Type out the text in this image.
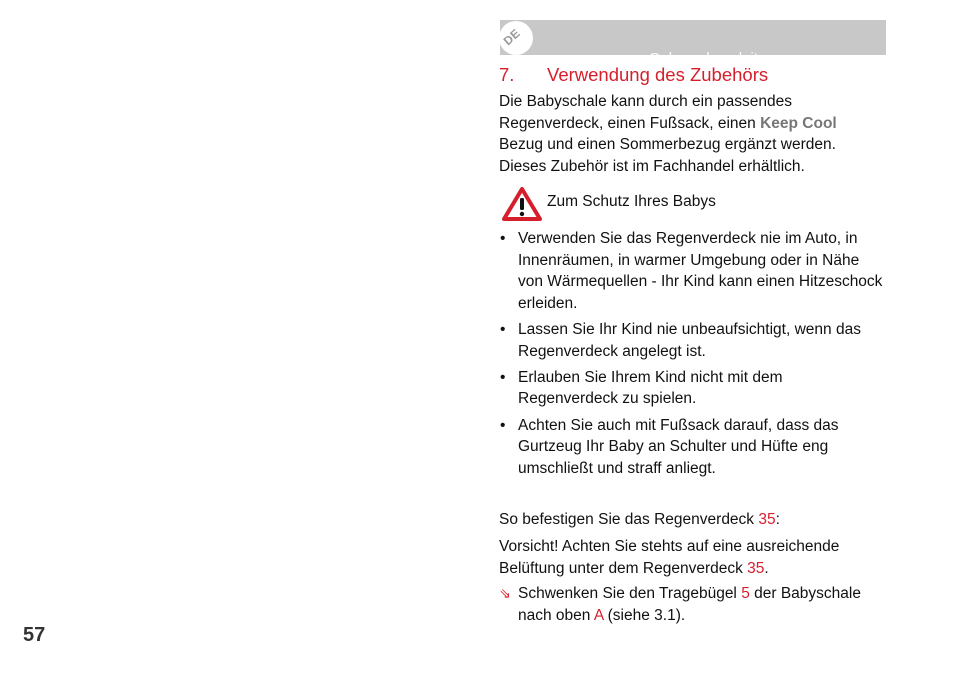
Gebrauchsanleitung
DE
7. Verwendung des Zubehörs
Die Babyschale kann durch ein passendes Regenverdeck, einen Fußsack, einen Keep Cool Bezug und einen Sommerbezug ergänzt werden. Dieses Zubehör ist im Fachhandel erhältlich.
Zum Schutz Ihres Babys
• Verwenden Sie das Regenverdeck nie im Auto, in Innenräumen, in warmer Umgebung oder in Nähe von Wärmequellen - Ihr Kind kann einen Hitzeschock erleiden.
• Lassen Sie Ihr Kind nie unbeaufsichtigt, wenn das Regenverdeck angelegt ist.
• Erlauben Sie Ihrem Kind nicht mit dem Regenverdeck zu spielen.
• Achten Sie auch mit Fußsack darauf, dass das Gurtzeug Ihr Baby an Schulter und Hüfte eng umschließt und straff anliegt.
So befestigen Sie das Regenverdeck 35:
Vorsicht! Achten Sie stehts auf eine ausreichende Belüftung unter dem Regenverdeck 35.
⇘ Schwenken Sie den Tragebügel 5 der Babyschale nach oben A (siehe 3.1).
57
